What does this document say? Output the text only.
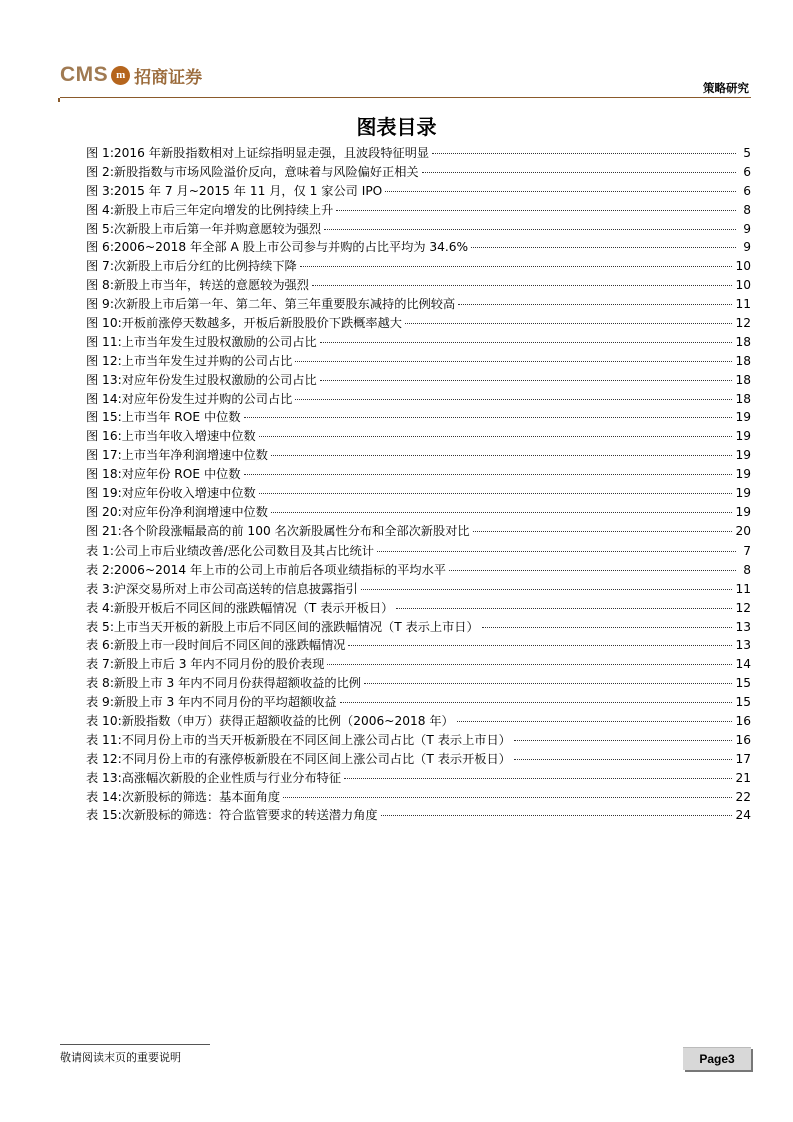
CMS m 招商证券
策略研究
图表目录
图 1: 2016 年新股指数相对上证综指明显走强，且波段特征明显	5
图 2: 新股指数与市场风险溢价反向，意味着与风险偏好正相关	6
图 3: 2015 年 7 月~2015 年 11 月，仅 1 家公司 IPO	6
图 4: 新股上市后三年定向增发的比例持续上升	8
图 5: 次新股上市后第一年并购意愿较为强烈	9
图 6: 2006~2018 年全部 A 股上市公司参与并购的占比平均为 34.6%	9
图 7: 次新股上市后分红的比例持续下降	10
图 8: 新股上市当年，转送的意愿较为强烈	10
图 9: 次新股上市后第一年、第二年、第三年重要股东减持的比例较高	11
图 10: 开板前涨停天数越多，开板后新股股价下跌概率越大	12
图 11: 上市当年发生过股权激励的公司占比	18
图 12: 上市当年发生过并购的公司占比	18
图 13: 对应年份发生过股权激励的公司占比	18
图 14: 对应年份发生过并购的公司占比	18
图 15: 上市当年 ROE 中位数	19
图 16: 上市当年收入增速中位数	19
图 17: 上市当年净利润增速中位数	19
图 18: 对应年份 ROE 中位数	19
图 19: 对应年份收入增速中位数	19
图 20: 对应年份净利润增速中位数	19
图 21: 各个阶段涨幅最高的前 100 名次新股属性分布和全部次新股对比	20
表 1: 公司上市后业绩改善/恶化公司数目及其占比统计	7
表 2: 2006~2014 年上市的公司上市前后各项业绩指标的平均水平	8
表 3: 沪深交易所对上市公司高送转的信息披露指引	11
表 4: 新股开板后不同区间的涨跌幅情况（T 表示开板日）	12
表 5: 上市当天开板的新股上市后不同区间的涨跌幅情况（T 表示上市日）	13
表 6: 新股上市一段时间后不同区间的涨跌幅情况	13
表 7: 新股上市后 3 年内不同月份的股价表现	14
表 8: 新股上市 3 年内不同月份获得超额收益的比例	15
表 9: 新股上市 3 年内不同月份的平均超额收益	15
表 10: 新股指数（申万）获得正超额收益的比例（2006~2018 年）	16
表 11: 不同月份上市的当天开板新股在不同区间上涨公司占比（T 表示上市日）	16
表 12: 不同月份上市的有涨停板新股在不同区间上涨公司占比（T 表示开板日）	17
表 13: 高涨幅次新股的企业性质与行业分布特征	21
表 14: 次新股标的筛选：基本面角度	22
表 15: 次新股标的筛选：符合监管要求的转送潜力角度	24
敬请阅读末页的重要说明	Page3
